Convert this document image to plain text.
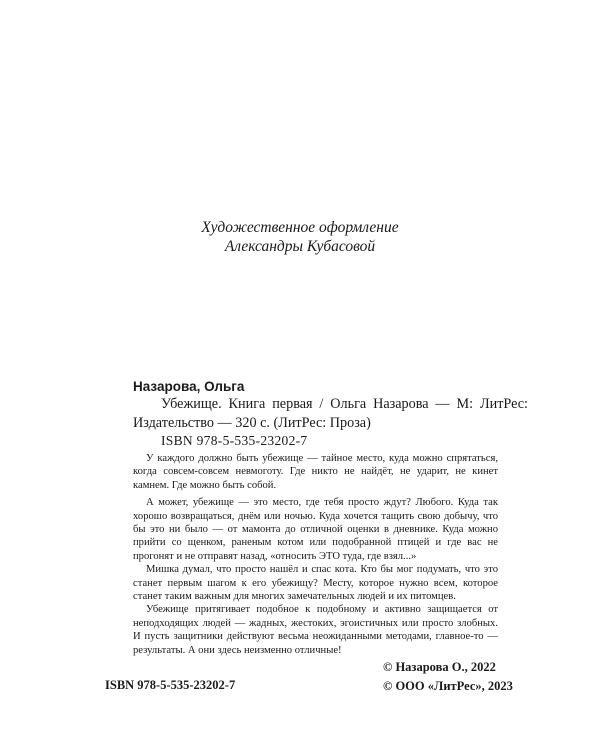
Художественное оформление
Александры Кубасовой
Назарова, Ольга
Убежище. Книга первая / Ольга Назарова — М: ЛитРес: Издательство — 320 с. (ЛитРес: Проза)
ISBN 978-5-535-23202-7

У каждого должно быть убежище — тайное место, куда можно спрятаться, когда совсем-совсем невмоготу. Где никто не найдёт, не ударит, не кинет камнем. Где можно быть собой.

А может, убежище — это место, где тебя просто ждут? Любого. Куда так хорошо возвращаться, днём или ночью. Куда хочется тащить свою добычу, что бы это ни было — от мамонта до отличной оценки в дневнике. Куда можно прийти со щенком, раненым котом или подобранной птицей и где вас не прогонят и не отправят назад, «относить ЭТО туда, где взял...»

Мишка думал, что просто нашёл и спас кота. Кто бы мог подумать, что это станет первым шагом к его убежищу? Месту, которое нужно всем, которое станет таким важным для многих замечательных людей и их питомцев.

Убежище притягивает подобное к подобному и активно защищается от неподходящих людей — жадных, жестоких, эгоистичных или просто злобных. И пусть защитники действуют весьма неожиданными методами, главное-то — результаты. А они здесь неизменно отличные!

ISBN 978-5-535-23202-7
© Назарова О., 2022
© ООО «ЛитРес», 2023
